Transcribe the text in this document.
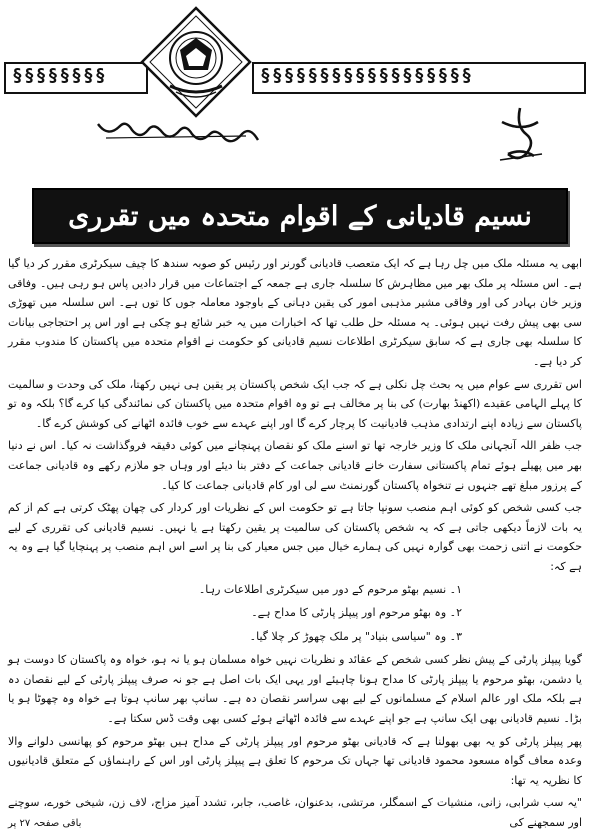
§§§§§§§§	§§§§§§§§§§§§§§§§§§
نسیم قادیانی کے اقوام متحدہ میں تقرری

ابھی یہ مسئلہ ملک میں چل رہا ہے کہ ایک متعصب قادیانی گورنر اور رئیس کو صوبہ سندھ کا چیف سیکرٹری مقرر کر دیا گیا ہے۔ اس مسئلہ پر ملک بھر میں مظاہرش کا سلسلہ جاری ہے جمعہ کے اجتماعات میں قرار دادیں پاس ہو رہی ہیں۔ وفاقی وزیر خان بہادر کی اور وفاقی مشیر مذہبی امور کی یقین دہانی کے باوجود معاملہ جوں کا توں ہے۔ اس سلسلہ میں تھوڑی سی بھی پیش رفت نہیں ہوئی۔ یہ مسئلہ حل طلب تھا کہ اخبارات میں یہ خبر شائع ہو چکی ہے اور اس پر احتجاجی بیانات کا سلسلہ بھی جاری ہے کہ سابق سیکرٹری اطلاعات نسیم قادیانی کو حکومت نے اقوام متحدہ میں پاکستان کا مندوب مقرر کر دیا ہے۔

اس تقرری سے عوام میں یہ بحث چل نکلی ہے کہ جب ایک شخص پاکستان پر یقین ہی نہیں رکھتا، ملک کی وحدت و سالمیت کا پہلے الہامی عقیدے (اکھنڈ بھارت) کی بنا پر مخالف ہے تو وہ اقوام متحدہ میں پاکستان کی نمائندگی کیا کرے گا؟ بلکہ وہ تو پاکستان سے زیادہ اپنے ارتدادی مذہب قادیانیت کا پرچار کرے گا اور اپنے عہدے سے خوب فائدہ اٹھانے کی کوشش کرے گا۔

جب ظفر اللہ آنجہانی ملک کا وزیر خارجہ تھا تو اسنے ملک کو نقصان پہنچانے میں کوئی دقیقہ فروگذاشت نہ کیا۔ اس نے دنیا بھر میں پھیلے ہوئے تمام پاکستانی سفارت خانے قادیانی جماعت کے دفتر بنا دیئے اور وہاں جو ملازم رکھے وہ قادیانی جماعت کے پرزور مبلغ تھے جنہوں نے تنخواہ پاکستان گورنمنٹ سے لی اور کام قادیانی جماعت کا کیا۔

جب کسی شخص کو کوئی اہم منصب سونپا جاتا ہے تو حکومت اس کے نظریات اور کردار کی چھان پھٹک کرتی ہے کم از کم یہ بات لازماً دیکھی جاتی ہے کہ یہ شخص پاکستان کی سالمیت پر یقین رکھتا ہے یا نہیں۔ نسیم قادیانی کی تقرری کے لیے حکومت نے اتنی زحمت بھی گوارہ نہیں کی ہمارے خیال میں جس معیار کی بنا پر اسے اس اہم منصب پر پہنچایا گیا ہے وہ یہ ہے کہ:

۱۔ نسیم بھٹو مرحوم کے دور میں سیکرٹری اطلاعات رہا۔

۲۔ وہ بھٹو مرحوم اور پیپلز پارٹی کا مداح ہے۔

۳۔ وہ "سیاسی بنیاد" پر ملک چھوڑ کر چلا گیا۔

گویا پیپلز پارٹی کے پیش نظر کسی شخص کے عقائد و نظریات نہیں خواہ مسلمان ہو یا نہ ہو، خواہ وہ پاکستان کا دوست ہو یا دشمن، بھٹو مرحوم یا پیپلز پارٹی کا مداح ہونا چاہیئے اور یہی ایک بات اصل ہے جو نہ صرف پیپلز پارٹی کے لیے نقصان دہ ہے بلکہ ملک اور عالم اسلام کے مسلمانوں کے لیے بھی سراسر نقصان دہ ہے۔ سانپ بھر سانپ ہوتا ہے خواہ وہ چھوٹا ہو یا بڑا۔ نسیم قادیانی بھی ایک سانپ ہے جو اپنے عہدے سے فائدہ اٹھاتے ہوئے کسی بھی وقت ڈس سکتا ہے۔

پھر پیپلز پارٹی کو یہ بھی بھولنا ہے کہ قادیانی بھٹو مرحوم اور پیپلز پارٹی کے مداح ہیں بھٹو مرحوم کو پھانسی دلوانے والا وعدہ معاف گواہ مسعود محمود قادیانی تھا جہاں تک مرحوم کا تعلق ہے پیپلز پارٹی اور اس کے راہنماؤں کے متعلق قادیانیوں کا نظریہ یہ تھا:

"یہ سب شرابی، زانی، منشیات کے اسمگلر، مرتشی، بدعنوان، غاصب، جابر، تشدد آمیز مزاج، لاف زن، شیخی خورے، سوچنے اور سمجھنے کی

باقی صفحہ ۲۷ پر
